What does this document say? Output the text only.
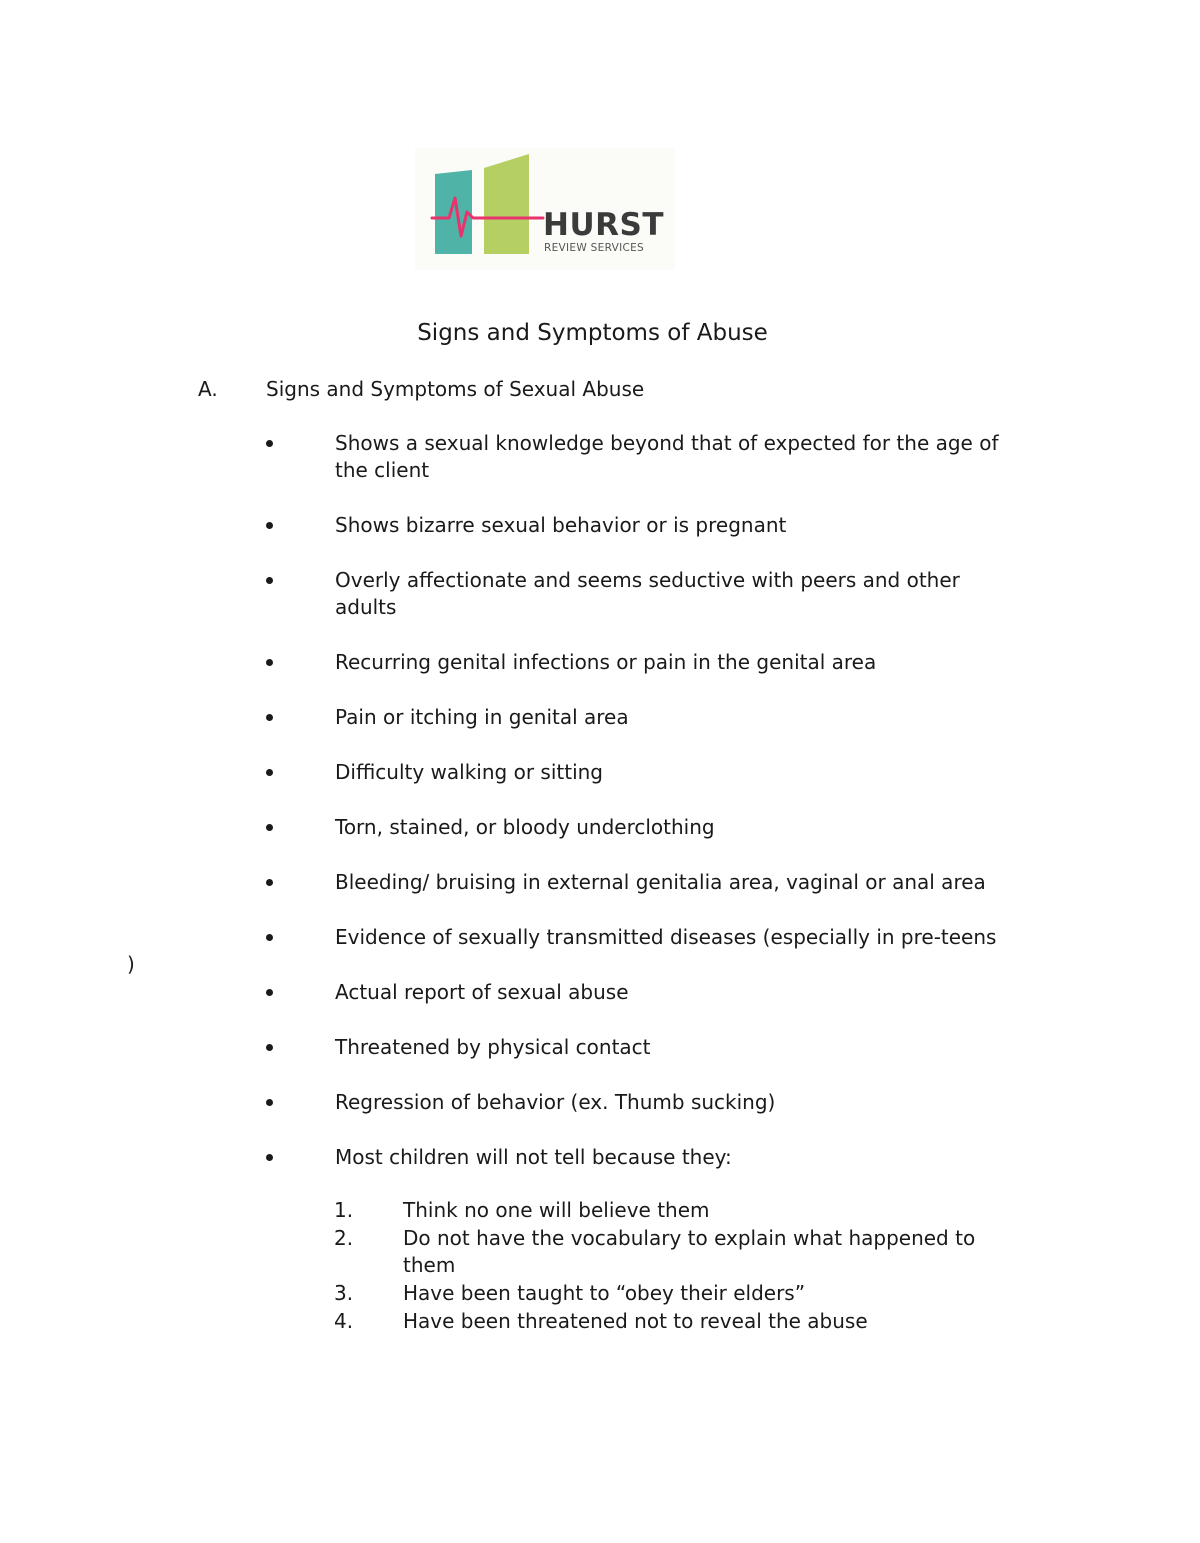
HURST
REVIEW SERVICES
Signs and Symptoms of Abuse
A. Signs and Symptoms of Sexual Abuse
Shows a sexual knowledge beyond that of expected for the age of the client
Shows bizarre sexual behavior or is pregnant
Overly affectionate and seems seductive with peers and other adults
Recurring genital infections or pain in the genital area
Pain or itching in genital area
Difficulty walking or sitting
Torn, stained, or bloody underclothing
Bleeding/ bruising in external genitalia area, vaginal or anal area
Evidence of sexually transmitted diseases (especially in pre-teens
Actual report of sexual abuse
Threatened by physical contact
Regression of behavior (ex. Thumb sucking)
Most children will not tell because they:
)
1. Think no one will believe them
2. Do not have the vocabulary to explain what happened to them
3. Have been taught to “obey their elders”
4. Have been threatened not to reveal the abuse
